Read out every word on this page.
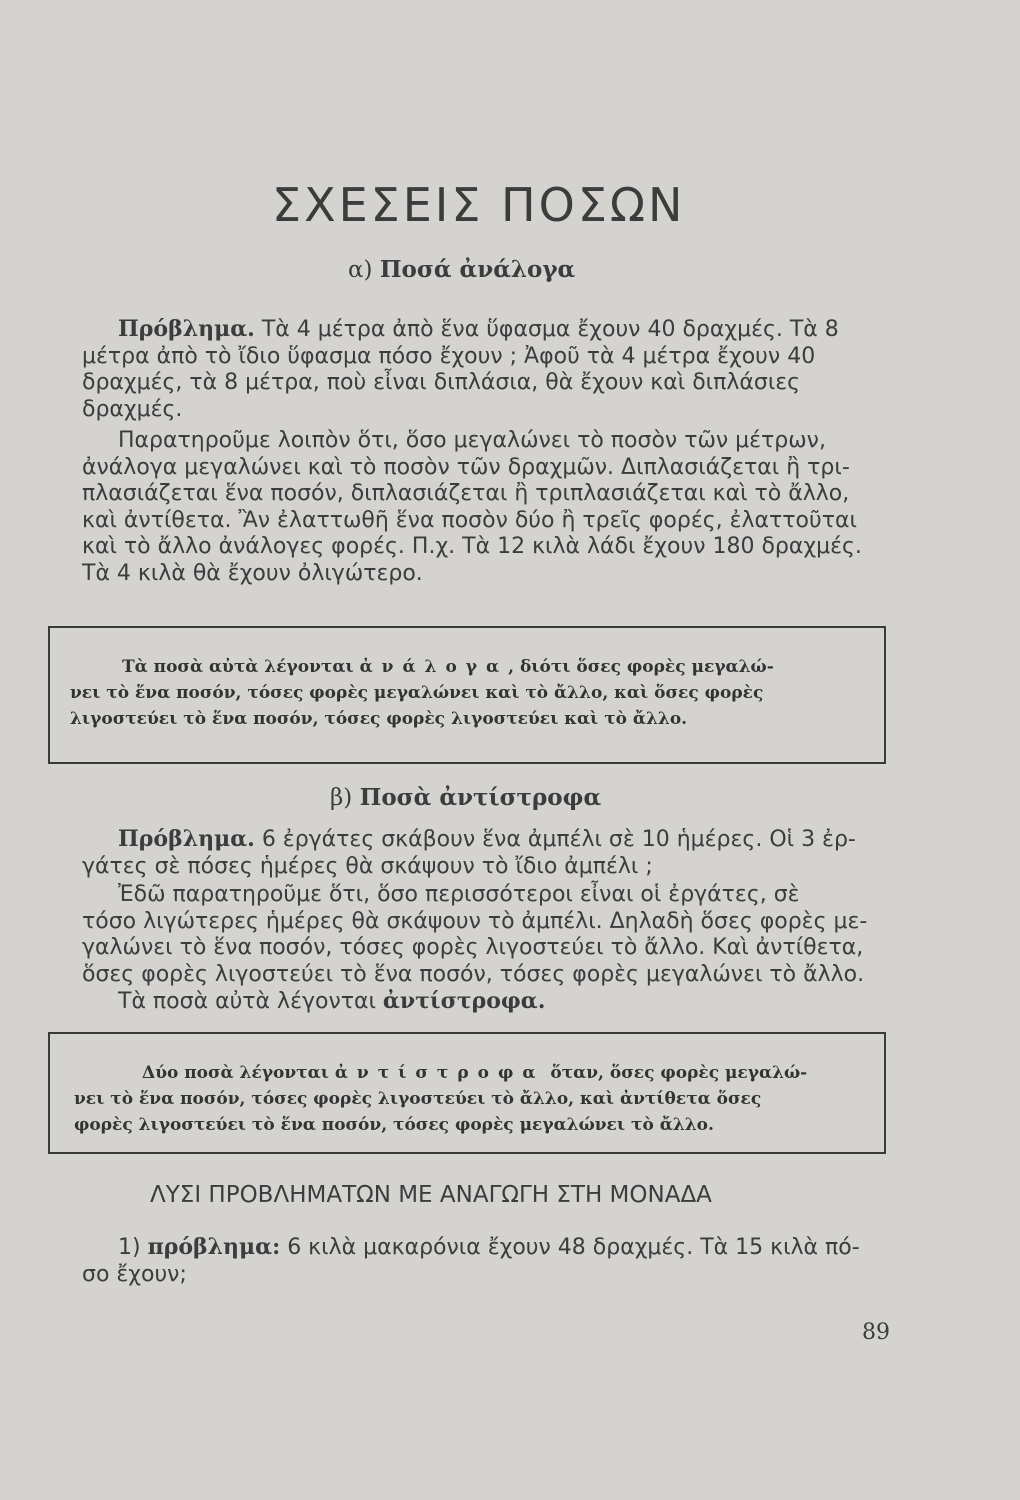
ΣΧΕΣΕΙΣ ΠΟΣΩΝ
α) Ποσά ἀνάλογα

Πρόβλημα. Τὰ 4 μέτρα ἀπὸ ἕνα ὕφασμα ἔχουν 40 δραχμές. Τὰ 8
μέτρα ἀπὸ τὸ ἴδιο ὕφασμα πόσο ἔχουν ; Ἀφοῦ τὰ 4 μέτρα ἔχουν 40
δραχμές, τὰ 8 μέτρα, ποὺ εἶναι διπλάσια, θὰ ἔχουν καὶ διπλάσιες
δραχμές.

Παρατηροῦμε λοιπὸν ὅτι, ὅσο μεγαλώνει τὸ ποσὸν τῶν μέτρων,
ἀνάλογα μεγαλώνει καὶ τὸ ποσὸν τῶν δραχμῶν. Διπλασιάζεται ἢ τρι-
πλασιάζεται ἕνα ποσόν, διπλασιάζεται ἢ τριπλασιάζεται καὶ τὸ ἄλλο,
καὶ ἀντίθετα. Ἂν ἐλαττωθῆ ἕνα ποσὸν δύο ἢ τρεῖς φορές, ἐλαττοῦται
καὶ τὸ ἄλλο ἀνάλογες φορές. Π.χ. Τὰ 12 κιλὰ λάδι ἔχουν 180 δραχμές.
Τὰ 4 κιλὰ θὰ ἔχουν ὀλιγώτερο.

Τὰ ποσὰ αὐτὰ λέγονται ἀνάλογα, διότι ὅσες φορὲς μεγαλώ-
νει τὸ ἕνα ποσόν, τόσες φορὲς μεγαλώνει καὶ τὸ ἄλλο, καὶ ὅσες φορὲς
λιγοστεύει τὸ ἕνα ποσόν, τόσες φορὲς λιγοστεύει καὶ τὸ ἄλλο.
β) Ποσὰ ἀντίστροφα

Πρόβλημα. 6 ἐργάτες σκάβουν ἕνα ἀμπέλι σὲ 10 ἡμέρες. Οἱ 3 ἐρ-
γάτες σὲ πόσες ἡμέρες θὰ σκάψουν τὸ ἴδιο ἀμπέλι ;

Ἐδῶ παρατηροῦμε ὅτι, ὅσο περισσότεροι εἶναι οἱ ἐργάτες, σὲ
τόσο λιγώτερες ἡμέρες θὰ σκάψουν τὸ ἀμπέλι. Δηλαδὴ ὅσες φορὲς με-
γαλώνει τὸ ἕνα ποσόν, τόσες φορὲς λιγοστεύει τὸ ἄλλο. Καὶ ἀντίθετα,
ὅσες φορὲς λιγοστεύει τὸ ἕνα ποσόν, τόσες φορὲς μεγαλώνει τὸ ἄλλο.

Τὰ ποσὰ αὐτὰ λέγονται ἀντίστροφα.

Δύο ποσὰ λέγονται ἀντίστροφα ὅταν, ὅσες φορὲς μεγαλώ-
νει τὸ ἕνα ποσόν, τόσες φορὲς λιγοστεύει τὸ ἄλλο, καὶ ἀντίθετα ὅσες
φορὲς λιγοστεύει τὸ ἕνα ποσόν, τόσες φορὲς μεγαλώνει τὸ ἄλλο.
ΛΥΣΙ ΠΡΟΒΛΗΜΑΤΩΝ ΜΕ ΑΝΑΓΩΓΗ ΣΤΗ ΜΟΝΑΔΑ

1) πρόβλημα: 6 κιλὰ μακαρόνια ἔχουν 48 δραχμές. Τὰ 15 κιλὰ πό-
σο ἔχουν;

89
